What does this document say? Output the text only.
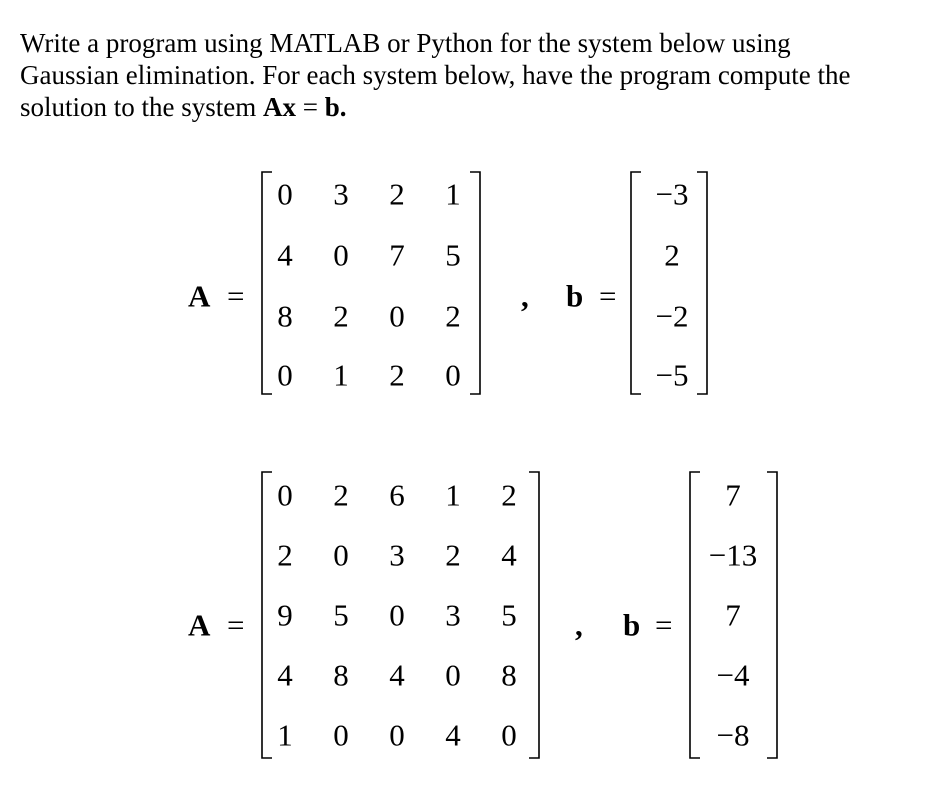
Write a program using MATLAB or Python for the system below using
Gaussian elimination. For each system below, have the program compute the
solution to the system Ax = b.
A =
0 3 2 1
4 0 7 5
8 2 0 2
0 1 2 0
, b =
−3
2
−2
−5
A =
0 2 6 1 2
2 0 3 2 4
9 5 0 3 5
4 8 4 0 8
1 0 0 4 0
, b =
7
−13
7
−4
−8
